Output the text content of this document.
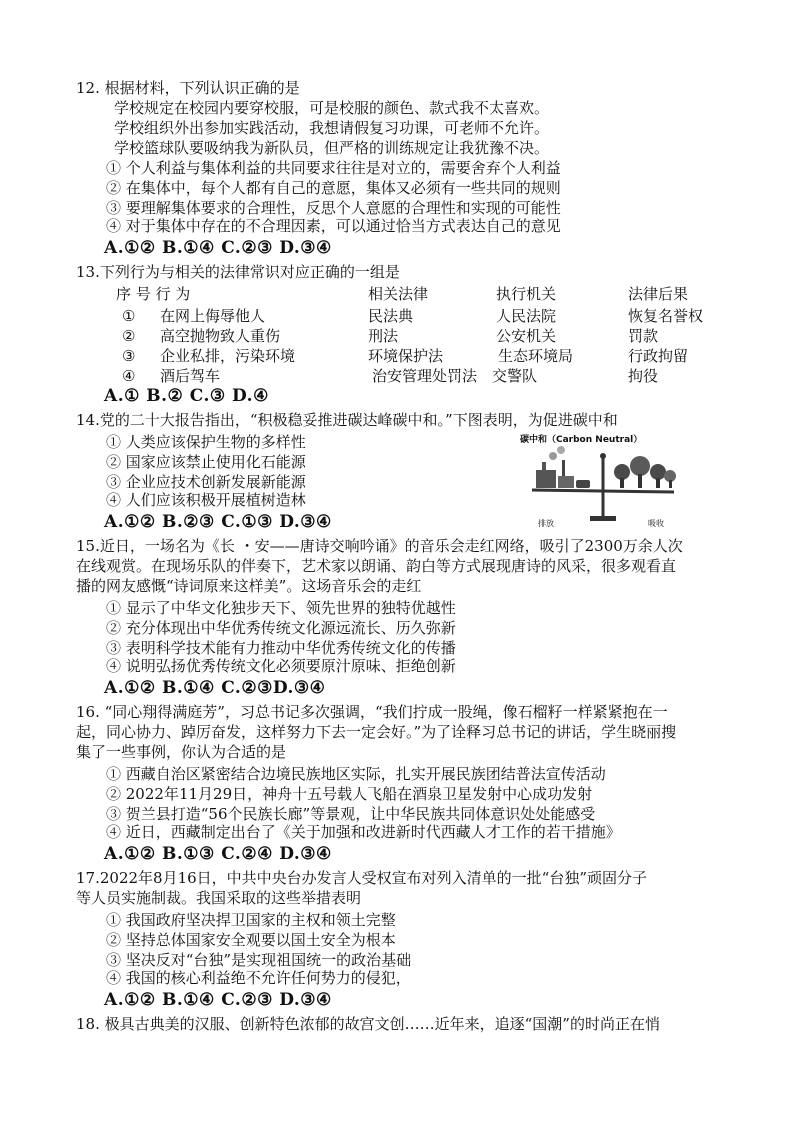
12. 根据材料，下列认识正确的是
学校规定在校园内要穿校服，可是校服的颜色、款式我不太喜欢。
学校组织外出参加实践活动，我想请假复习功课，可老师不允许。
学校篮球队要吸纳我为新队员，但严格的训练规定让我犹豫不决。
① 个人利益与集体利益的共同要求往往是对立的，需要舍弃个人利益
② 在集体中，每个人都有自己的意愿，集体又必须有一些共同的规则
③ 要理解集体要求的合理性，反思个人意愿的合理性和实现的可能性
④ 对于集体中存在的不合理因素，可以通过恰当方式表达自己的意见
A.①② B.①④ C.②③ D.③④
13.下列行为与相关的法律常识对应正确的一组是
序 号 行 为	相关法律	执行机关	法律后果
① 在网上侮辱他人	民法典	人民法院	恢复名誉权
② 高空抛物致人重伤	刑法	公安机关	罚款
③ 企业私排，污染环境	环境保护法	生态环境局	行政拘留
④ 酒后驾车	治安管理处罚法 交警队	拘役
A.① B.② C.③ D.④
14.党的二十大报告指出，“积极稳妥推进碳达峰碳中和。”下图表明，为促进碳中和
① 人类应该保护生物的多样性
② 国家应该禁止使用化石能源
③ 企业应技术创新发展新能源
④ 人们应该积极开展植树造林
A.①② B.②③ C.①③ D.③④
碳中和（Carbon Neutral）
排放	吸收
15.近日，一场名为《长 ・安——唐诗交响吟诵》的音乐会走红网络，吸引了2300万余人次
在线观赏。在现场乐队的伴奏下，艺术家以朗诵、韵白等方式展现唐诗的风采，很多观看直
播的网友感慨“诗词原来这样美”。这场音乐会的走红
① 显示了中华文化独步天下、领先世界的独特优越性
② 充分体现出中华优秀传统文化源远流长、历久弥新
③ 表明科学技术能有力推动中华优秀传统文化的传播
④ 说明弘扬优秀传统文化必须要原汁原味、拒绝创新
A.①② B.①④ C.②③D.③④
16. “同心翔得满庭芳”，习总书记多次强调，“我们拧成一股绳，像石榴籽一样紧紧抱在一
起，同心协力、踔厉奋发，这样努力下去一定会好。”为了诠释习总书记的讲话，学生晓丽搜
集了一些事例，你认为合适的是
① 西藏自治区紧密结合边境民族地区实际，扎实开展民族团结普法宣传活动
② 2022年11月29日，神舟十五号载人飞船在酒泉卫星发射中心成功发射
③ 贺兰县打造“56个民族长廊”等景观，让中华民族共同体意识处处能感受
④ 近日，西藏制定出台了《关于加强和改进新时代西藏人才工作的若干措施》
A.①② B.①③ C.②④ D.③④
17.2022年8月16日，中共中央台办发言人受权宣布对列入清单的一批“台独”顽固分子
等人员实施制裁。我国采取的这些举措表明
① 我国政府坚决捍卫国家的主权和领土完整
② 坚持总体国家安全观要以国土安全为根本
③ 坚决反对“台独”是实现祖国统一的政治基础
④ 我国的核心利益绝不允许任何势力的侵犯，
A.①② B.①④ C.②③ D.③④
18. 极具古典美的汉服、创新特色浓郁的故宫文创……近年来，追逐“国潮”的时尚正在悄
